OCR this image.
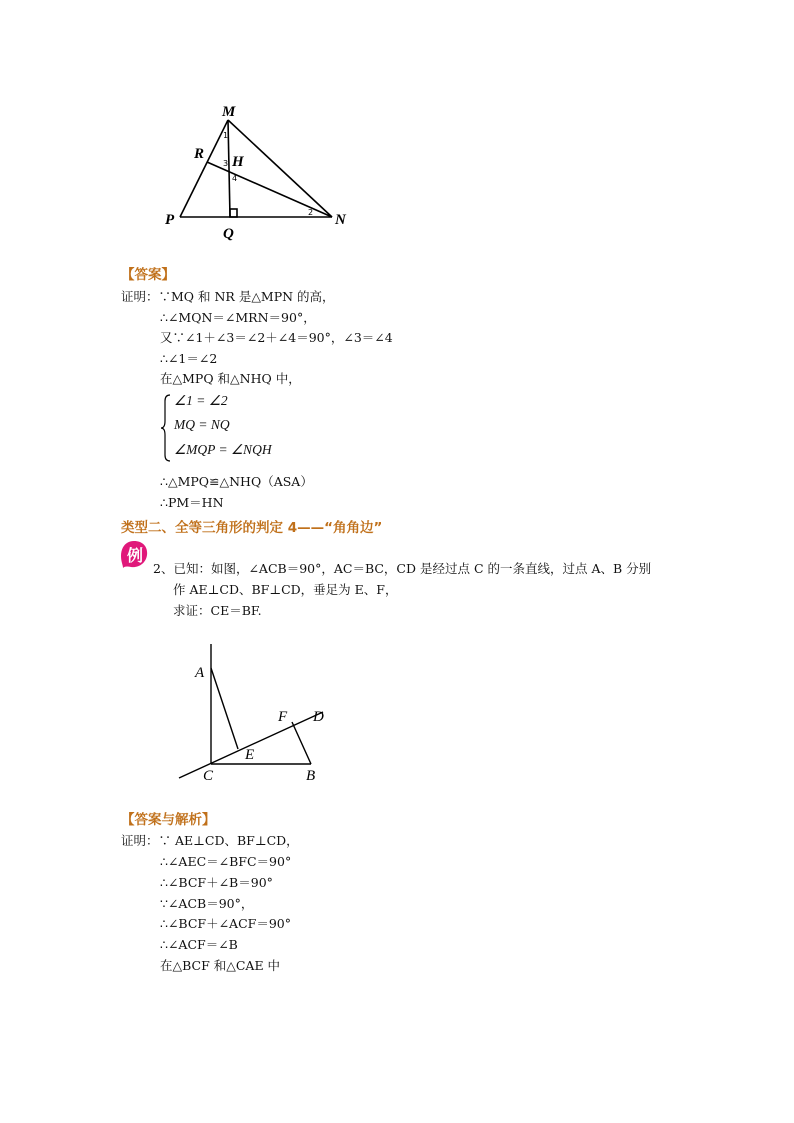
M
R H
P
Q
N
1
2
3
4
【答案】
证明：∵MQ 和 NR 是△MPN 的高，
∴∠MQN＝∠MRN＝90°，
又∵∠1＋∠3＝∠2＋∠4＝90°，∠3＝∠4
∴∠1＝∠2
在△MPQ 和△NHQ 中，
∠1 = ∠2
MQ = NQ
∠MQP = ∠NQH
∴△MPQ≌△NHQ（ASA）
∴PM＝HN
类型二、全等三角形的判定 4——“角角边”
例
2、已知：如图，∠ACB＝90°，AC＝BC，CD 是经过点 C 的一条直线，过点 A、B 分别
作 AE⊥CD、BF⊥CD，垂足为 E、F，
求证：CE＝BF.
A
F D
E
C	B
【答案与解析】
证明：∵ AE⊥CD、BF⊥CD，
∴∠AEC＝∠BFC＝90°
∴∠BCF＋∠B＝90°
∵∠ACB＝90°，
∴∠BCF＋∠ACF＝90°
∴∠ACF＝∠B
在△BCF 和△CAE 中
